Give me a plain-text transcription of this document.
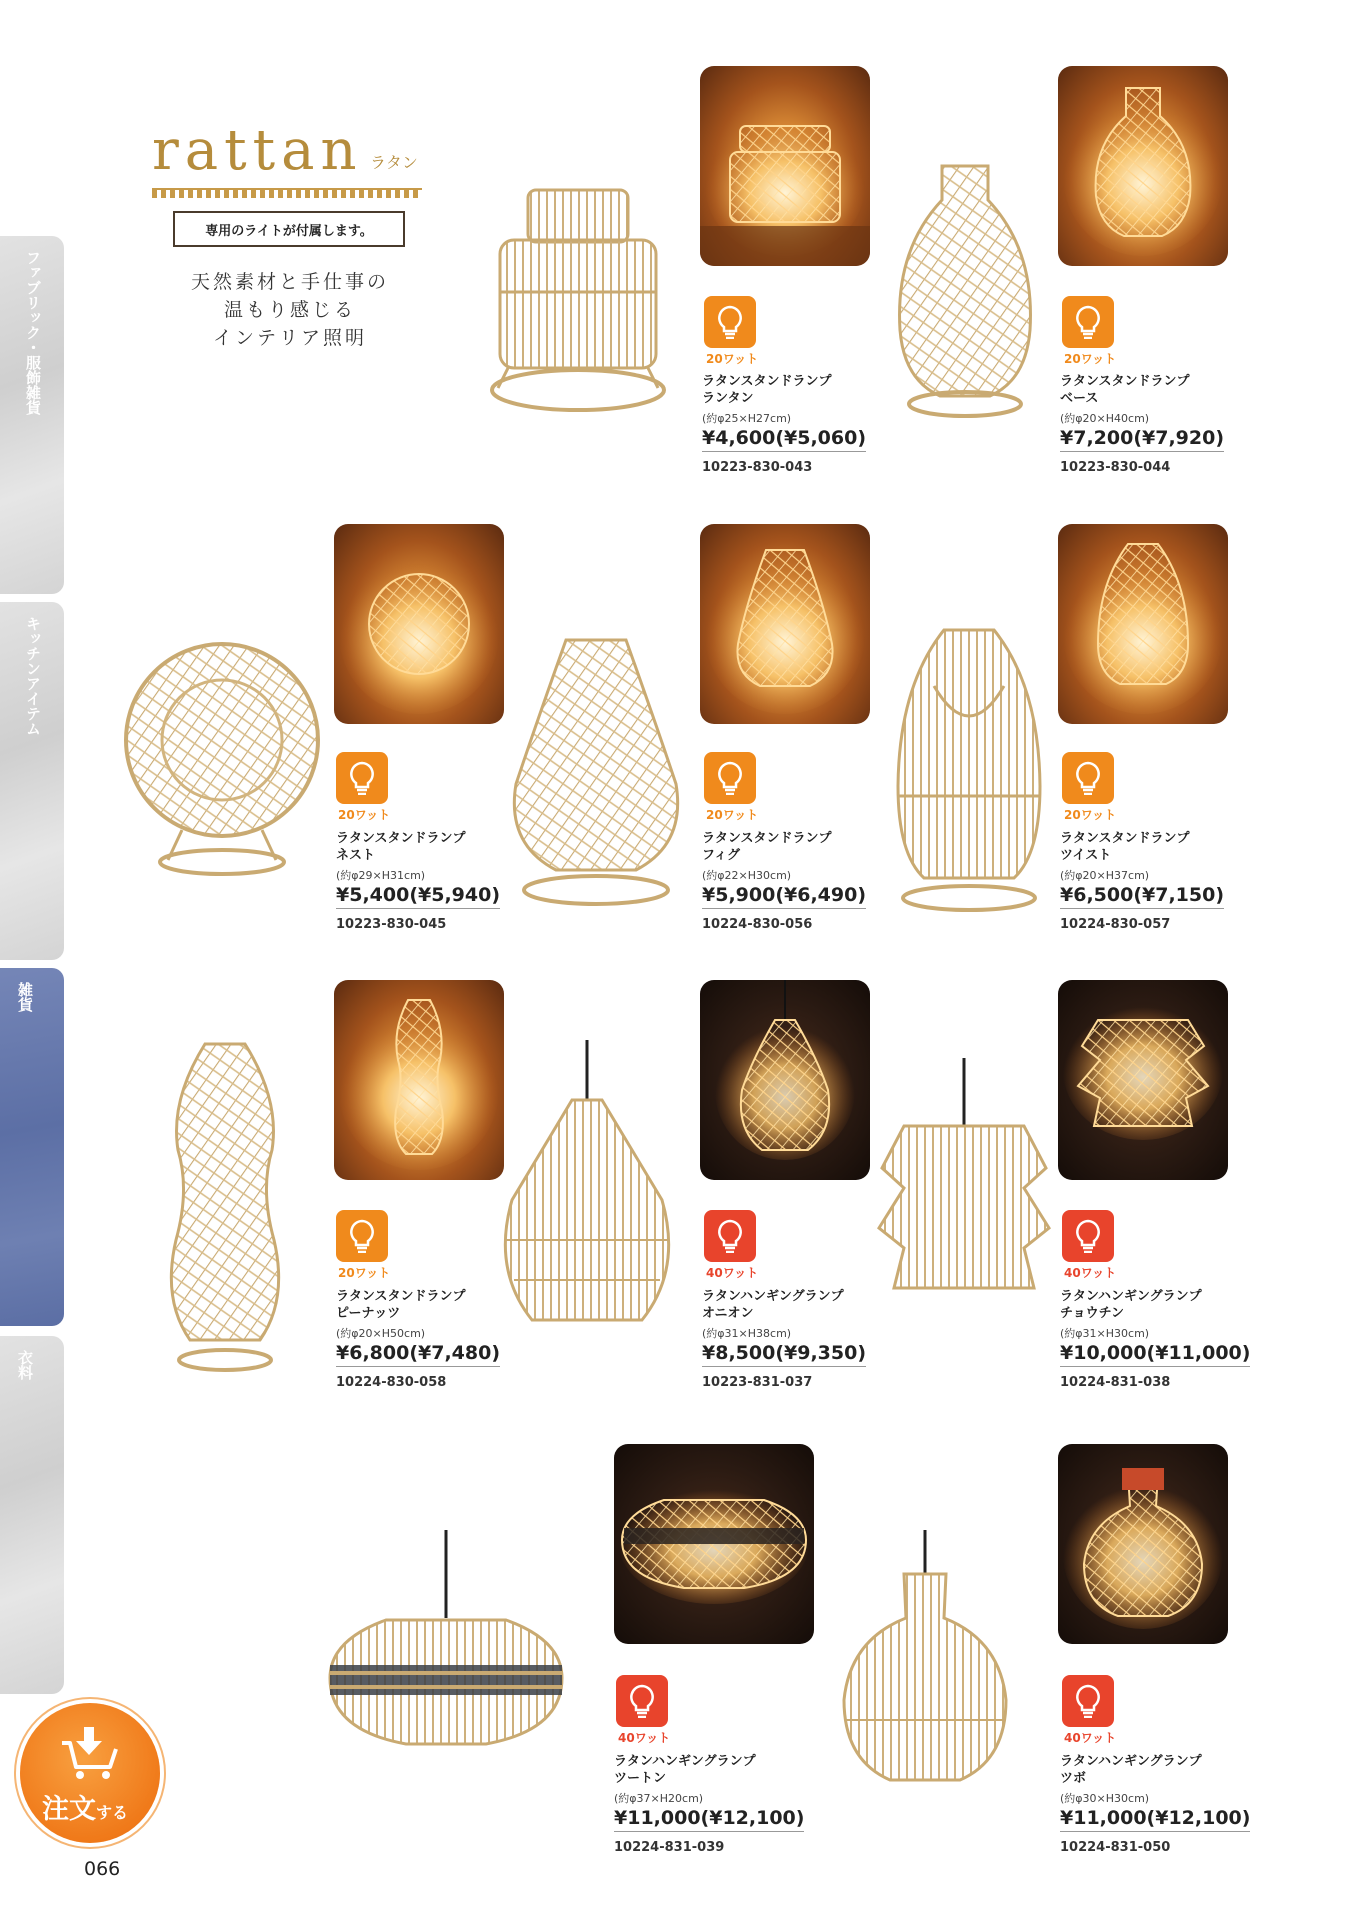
ファブリック・服飾雑貨
キッチンアイテム
雑貨
衣料
rattan ラタン
専用のライトが付属します。
天然素材と手仕事の
温もり感じる
インテリア照明
20ワット
ラタンスタンドランプ
ランタン
(約φ25×H27cm)
¥4,600(¥5,060)
10223-830-043
20ワット
ラタンスタンドランプ
ベース
(約φ20×H40cm)
¥7,200(¥7,920)
10223-830-044
20ワット
ラタンスタンドランプ
ネスト
(約φ29×H31cm)
¥5,400(¥5,940)
10223-830-045
20ワット
ラタンスタンドランプ
フィグ
(約φ22×H30cm)
¥5,900(¥6,490)
10224-830-056
20ワット
ラタンスタンドランプ
ツイスト
(約φ20×H37cm)
¥6,500(¥7,150)
10224-830-057
20ワット
ラタンスタンドランプ
ピーナッツ
(約φ20×H50cm)
¥6,800(¥7,480)
10224-830-058
40ワット
ラタンハンギングランプ
オニオン
(約φ31×H38cm)
¥8,500(¥9,350)
10223-831-037
40ワット
ラタンハンギングランプ
チョウチン
(約φ31×H30cm)
¥10,000(¥11,000)
10224-831-038
40ワット
ラタンハンギングランプ
ツートン
(約φ37×H20cm)
¥11,000(¥12,100)
10224-831-039
40ワット
ラタンハンギングランプ
ツボ
(約φ30×H30cm)
¥11,000(¥12,100)
10224-831-050
注文する
066
